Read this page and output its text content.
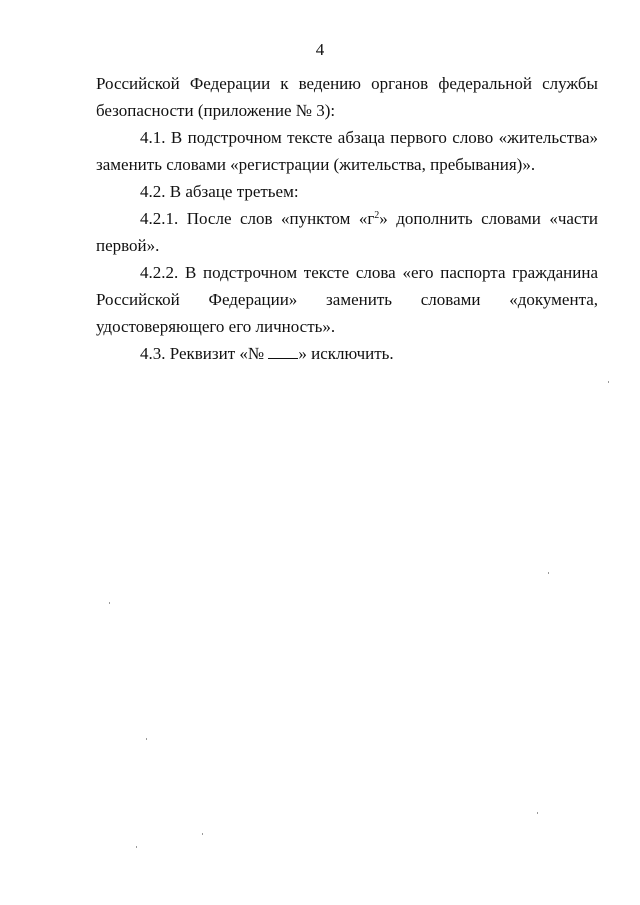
4
Российской Федерации к ведению органов федеральной службы

безопасности (приложение № 3):

4.1. В подстрочном тексте абзаца первого слово «жительства» заменить словами «регистрации (жительства, пребывания)».

4.2. В абзаце третьем:

4.2.1. После слов «пунктом «$г^2$» дополнить словами «части первой».

4.2.2. В подстрочном тексте слова «его паспорта гражданина Российской Федерации» заменить словами «документа, удостоверяющего его личность».

4.3. Реквизит «№ » исключить.
